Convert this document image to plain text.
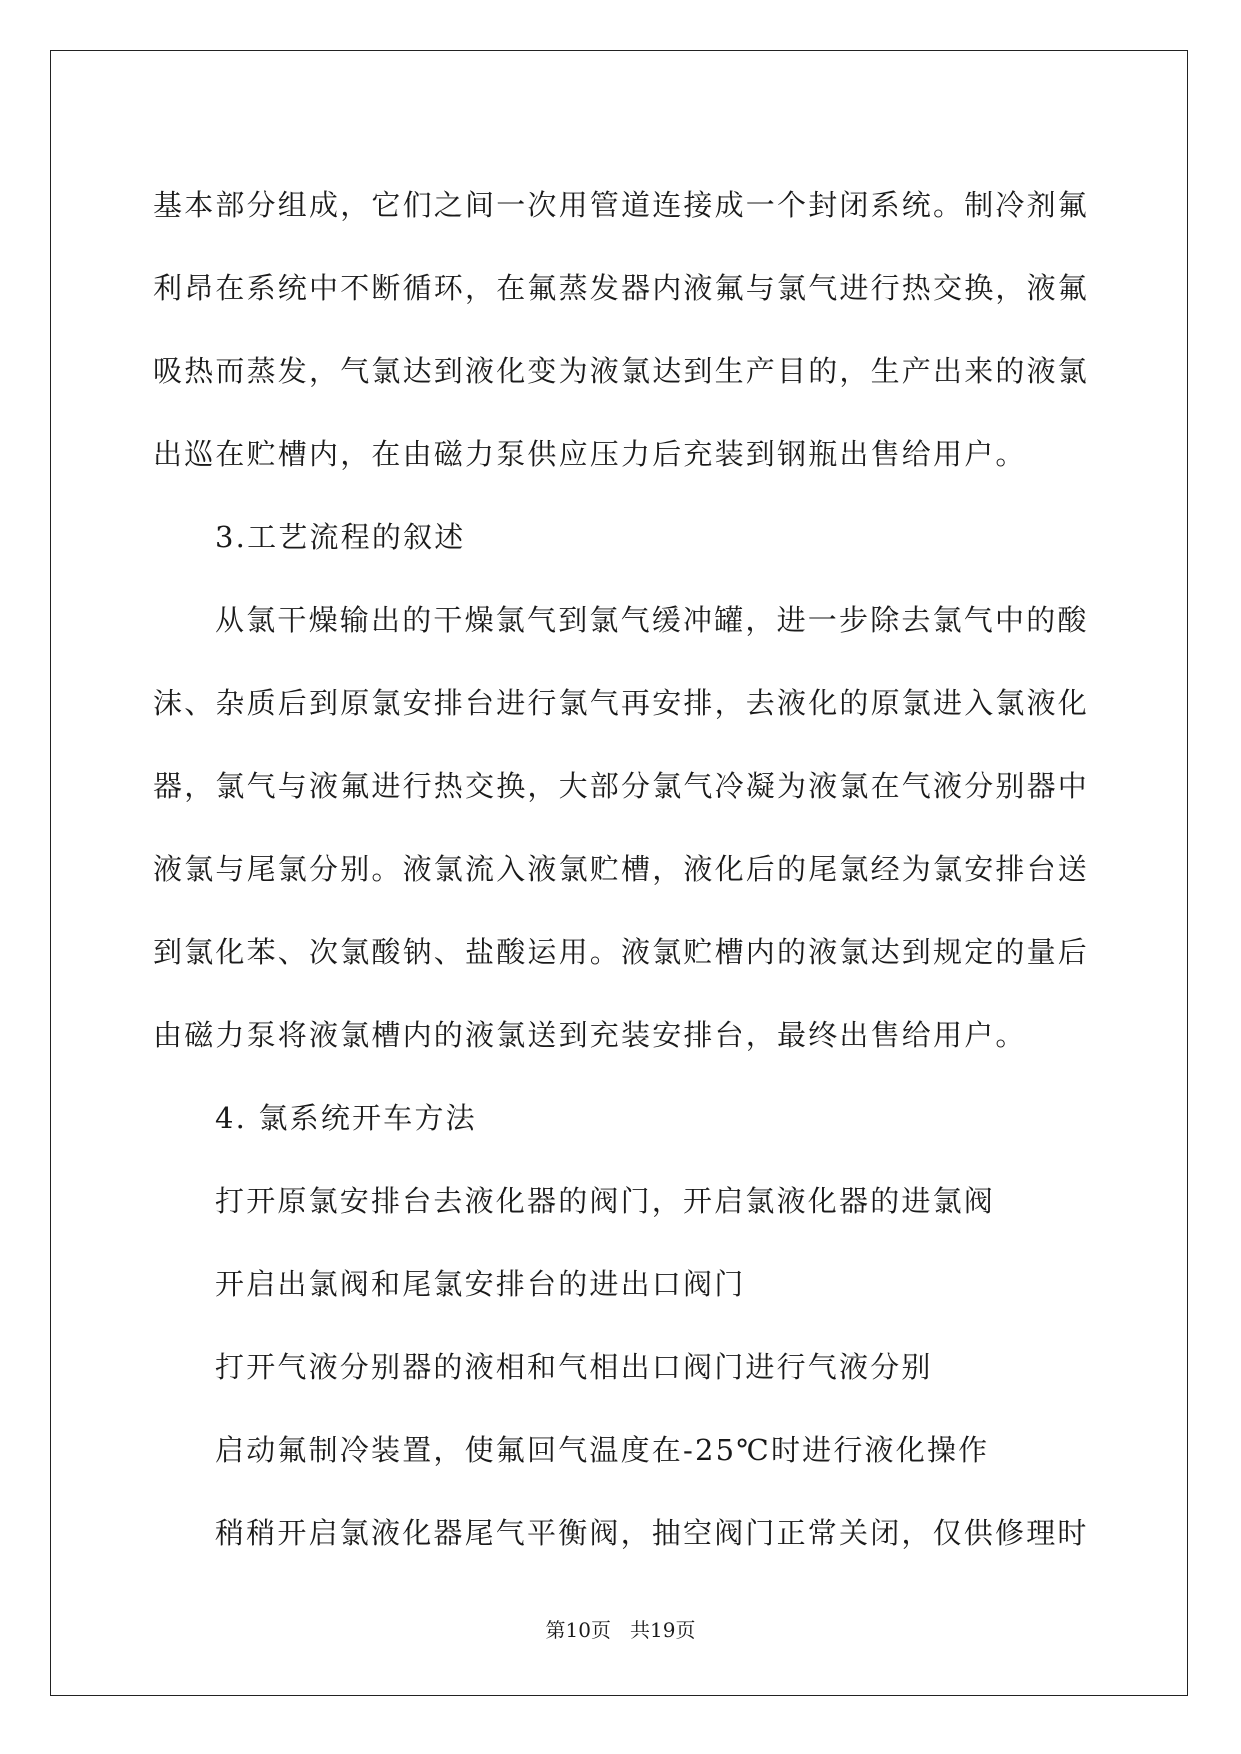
基本部分组成，它们之间一次用管道连接成一个封闭系统。制冷剂氟
利昂在系统中不断循环，在氟蒸发器内液氟与氯气进行热交换，液氟
吸热而蒸发，气氯达到液化变为液氯达到生产目的，生产出来的液氯
出巡在贮槽内，在由磁力泵供应压力后充装到钢瓶出售给用户。
3.工艺流程的叙述
从氯干燥输出的干燥氯气到氯气缓冲罐，进一步除去氯气中的酸
沫、杂质后到原氯安排台进行氯气再安排，去液化的原氯进入氯液化
器，氯气与液氟进行热交换，大部分氯气冷凝为液氯在气液分别器中
液氯与尾氯分别。液氯流入液氯贮槽，液化后的尾氯经为氯安排台送
到氯化苯、次氯酸钠、盐酸运用。液氯贮槽内的液氯达到规定的量后
由磁力泵将液氯槽内的液氯送到充装安排台，最终出售给用户。
4. 氯系统开车方法
打开原氯安排台去液化器的阀门，开启氯液化器的进氯阀
开启出氯阀和尾氯安排台的进出口阀门
打开气液分别器的液相和气相出口阀门进行气液分别
启动氟制冷装置，使氟回气温度在-25℃时进行液化操作
稍稍开启氯液化器尾气平衡阀，抽空阀门正常关闭，仅供修理时
第10页   共19页
